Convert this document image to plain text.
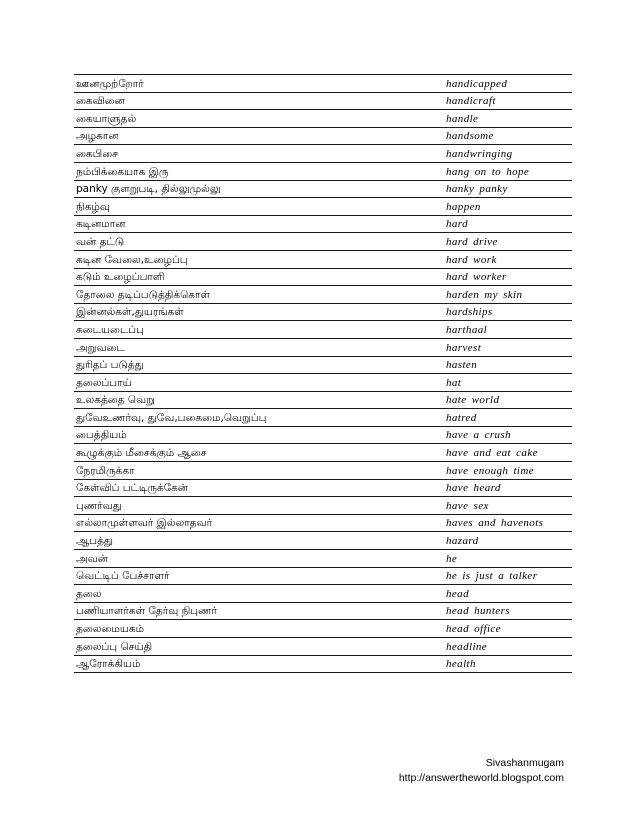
ஊனமுற்றோர்	handicapped
கைவினை	handicraft
கையாளுதல்	handle
அழகான	handsome
கைபிசை	handwringing
நம்பிக்கையாக இரு	hang on to hope
panky குளறுபடி, தில்லுமுல்லு	hanky panky
நிகழ்வு	happen
கடினமான	hard
வன் தட்டு	hard drive
கடின வேலை,உழைப்பு	hard work
கடும் உழைப்பாளி	hard worker
தோலை தடிப்படுத்திக்கொள்	harden my skin
இன்னல்கள்,துயரங்கள்	hardships
கடையடைப்பு	harthaal
அறுவடை	harvest
துரிதப் படுத்து	hasten
தலைப்பாய்	hat
உலகத்தை வெறு	hate world
துவேஉணர்வு, துவே,பகைமை,வெறுப்பு	hatred
பைத்தியம்	have a crush
கூழுக்கும் மீசைக்கும் ஆசை	have and eat cake
நேரமிருக்கா	have enough time
கேள்விப் பட்டிருக்கேன்	have heard
புணர்வது	have sex
எல்லாமுள்ளவர் இல்லாதவர்	haves and havenots
ஆபத்து	hazard
அவன்	he
வெட்டிப் பேச்சாளர்	he is just a talker
தலை	head
பணியாளர்கள் தேர்வு நிபுணர்	head hunters
தலைமையகம்	head office
தலைப்பு செய்தி	headline
ஆரோக்கியம்	health
Sivashanmugam
http://answertheworld.blogspot.com
